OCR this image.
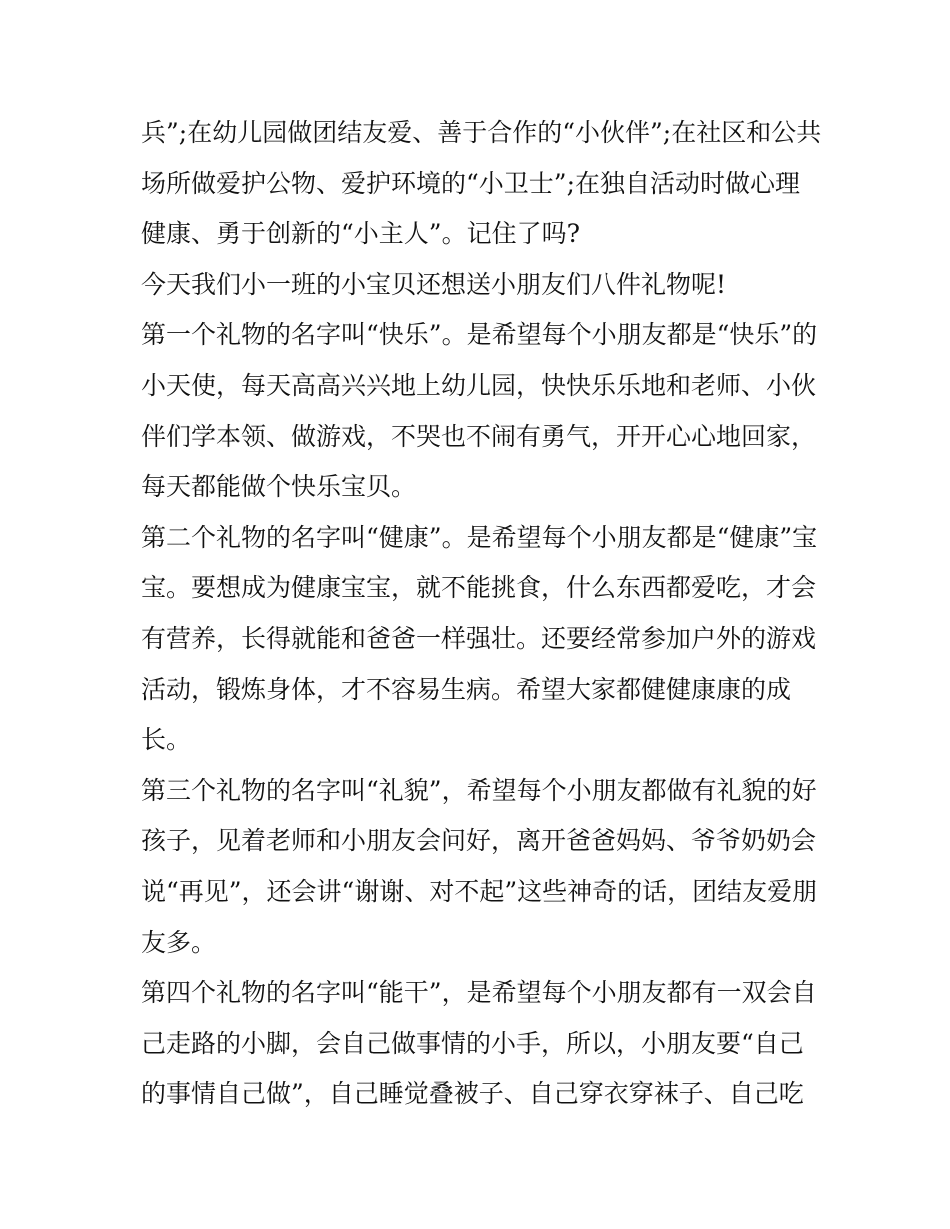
兵”;在幼儿园做团结友爱、善于合作的“小伙伴”;在社区和公共
场所做爱护公物、爱护环境的“小卫士”;在独自活动时做心理
健康、勇于创新的“小主人”。记住了吗?
今天我们小一班的小宝贝还想送小朋友们八件礼物呢!
第一个礼物的名字叫“快乐”。是希望每个小朋友都是“快乐”的
小天使，每天高高兴兴地上幼儿园，快快乐乐地和老师、小伙
伴们学本领、做游戏，不哭也不闹有勇气，开开心心地回家，
每天都能做个快乐宝贝。
第二个礼物的名字叫“健康”。是希望每个小朋友都是“健康”宝
宝。要想成为健康宝宝，就不能挑食，什么东西都爱吃，才会
有营养，长得就能和爸爸一样强壮。还要经常参加户外的游戏
活动，锻炼身体，才不容易生病。希望大家都健健康康的成
长。
第三个礼物的名字叫“礼貌”，希望每个小朋友都做有礼貌的好
孩子，见着老师和小朋友会问好，离开爸爸妈妈、爷爷奶奶会
说“再见”，还会讲“谢谢、对不起”这些神奇的话，团结友爱朋
友多。
第四个礼物的名字叫“能干”，是希望每个小朋友都有一双会自
己走路的小脚，会自己做事情的小手，所以，小朋友要“自己
的事情自己做”，自己睡觉叠被子、自己穿衣穿袜子、自己吃
